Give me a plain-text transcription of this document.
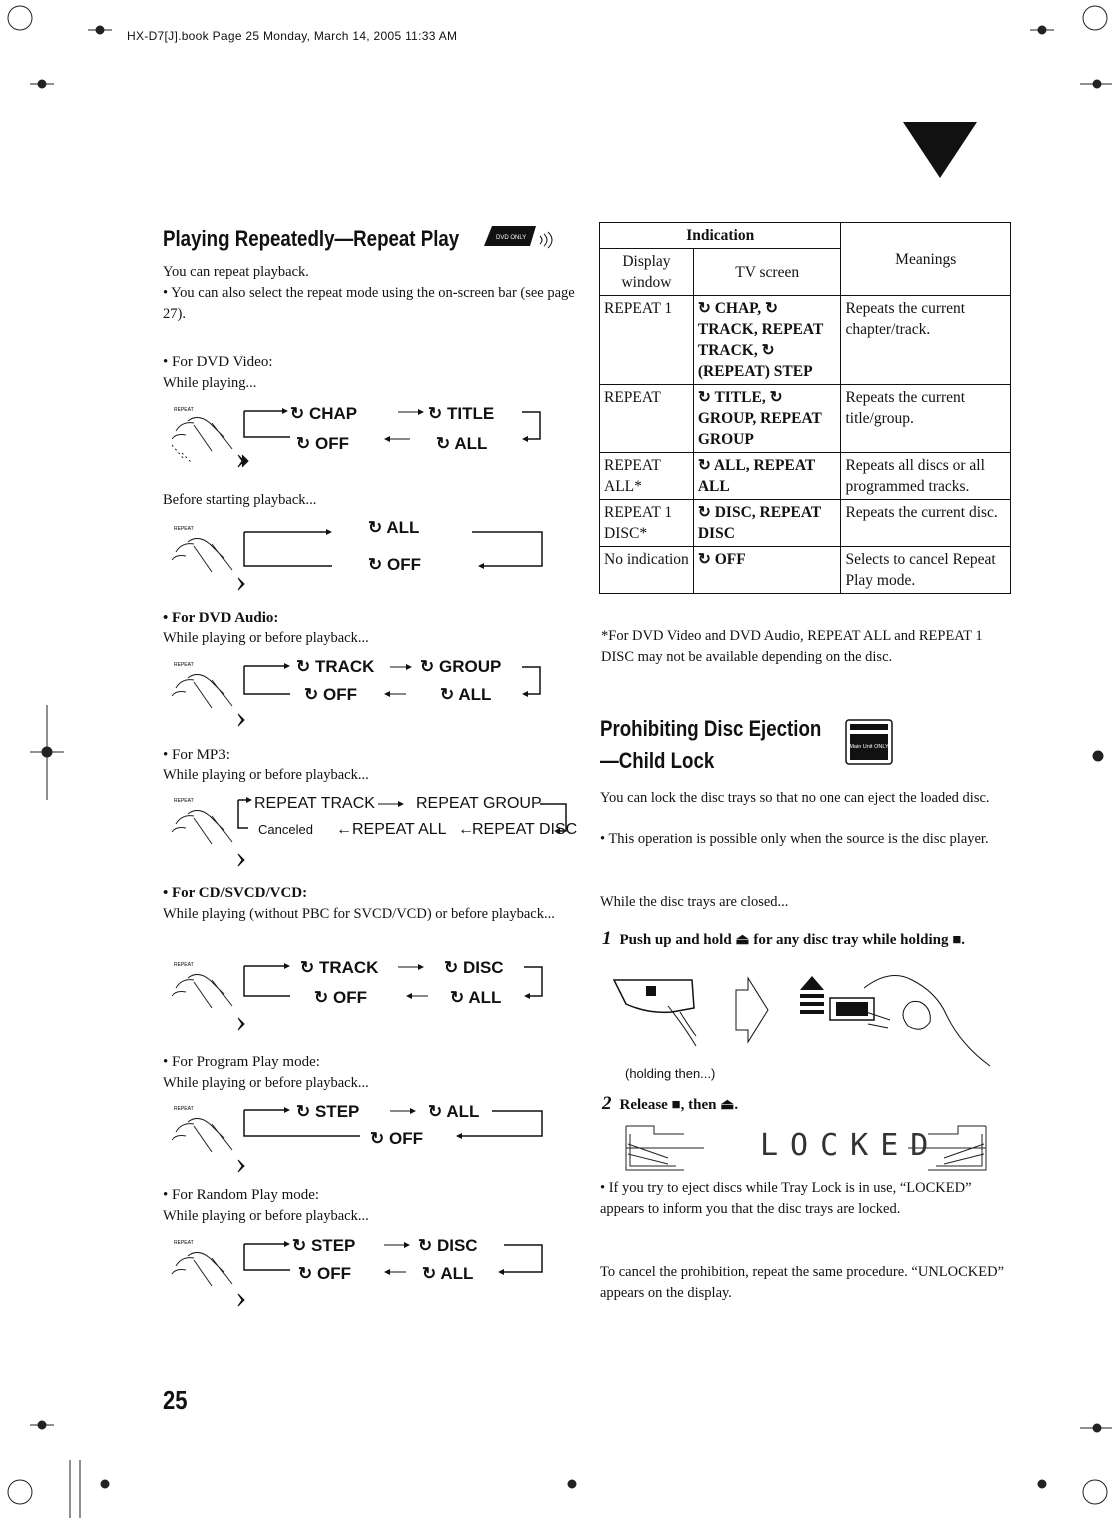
HX-D7[J].book Page 25 Monday, March 14, 2005 11:33 AM
Playing Repeatedly—Repeat Play	DVD ONLY
You can repeat playback.
• You can also select the repeat mode using the on-screen bar (see page 27).
• For DVD Video:
While playing...
REPEAT	↻ CHAP	↻ TITLE
↻ OFF	↻ ALL
Before starting playback...
REPEAT	↻ ALL
↻ OFF
• For DVD Audio:
While playing or before playback...
REPEAT	↻ TRACK	↻ GROUP
↻ OFF	↻ ALL
• For MP3:
While playing or before playback...
REPEAT	REPEAT TRACK	REPEAT GROUP
Canceled ← REPEAT ALL ←
REPEAT DISC
• For CD/SVCD/VCD:
While playing (without PBC for SVCD/VCD) or before playback...
REPEAT	↻ TRACK	↻ DISC
↻ OFF	↻ ALL
• For Program Play mode:
While playing or before playback...
REPEAT	↻ STEP	↻ ALL
↻ OFF
• For Random Play mode:
While playing or before playback...
REPEAT	↻ STEP	↻ DISC
↻ OFF	↻ ALL
25
Indication		Meanings
Display window	TV screen	
REPEAT 1	↻ CHAP, ↻ TRACK, REPEAT TRACK, ↻ (REPEAT) STEP	Repeats the current chapter/track.
REPEAT	↻ TITLE, ↻ GROUP, REPEAT GROUP	Repeats the current title/group.
REPEAT ALL*	↻ ALL, REPEAT ALL	Repeats all discs or all programmed tracks.
REPEAT 1 DISC*	↻ DISC, REPEAT DISC	Repeats the current disc.
No indication	↻ OFF	Selects to cancel Repeat Play mode.
*For DVD Video and DVD Audio, REPEAT ALL and REPEAT 1 DISC may not be available depending on the disc.
Prohibiting Disc Ejection
—Child Lock
Main Unit ONLY
You can lock the disc trays so that no one can eject the loaded disc.
• This operation is possible only when the source is the disc player.
While the disc trays are closed...
1 Push up and hold ⏏ for any disc tray while holding ■.
(holding then...)
2 Release ■, then ⏏.
LOCKED
• If you try to eject discs while Tray Lock is in use, “LOCKED” appears to inform you that the disc trays are locked.
To cancel the prohibition, repeat the same procedure. “UNLOCKED” appears on the display.
